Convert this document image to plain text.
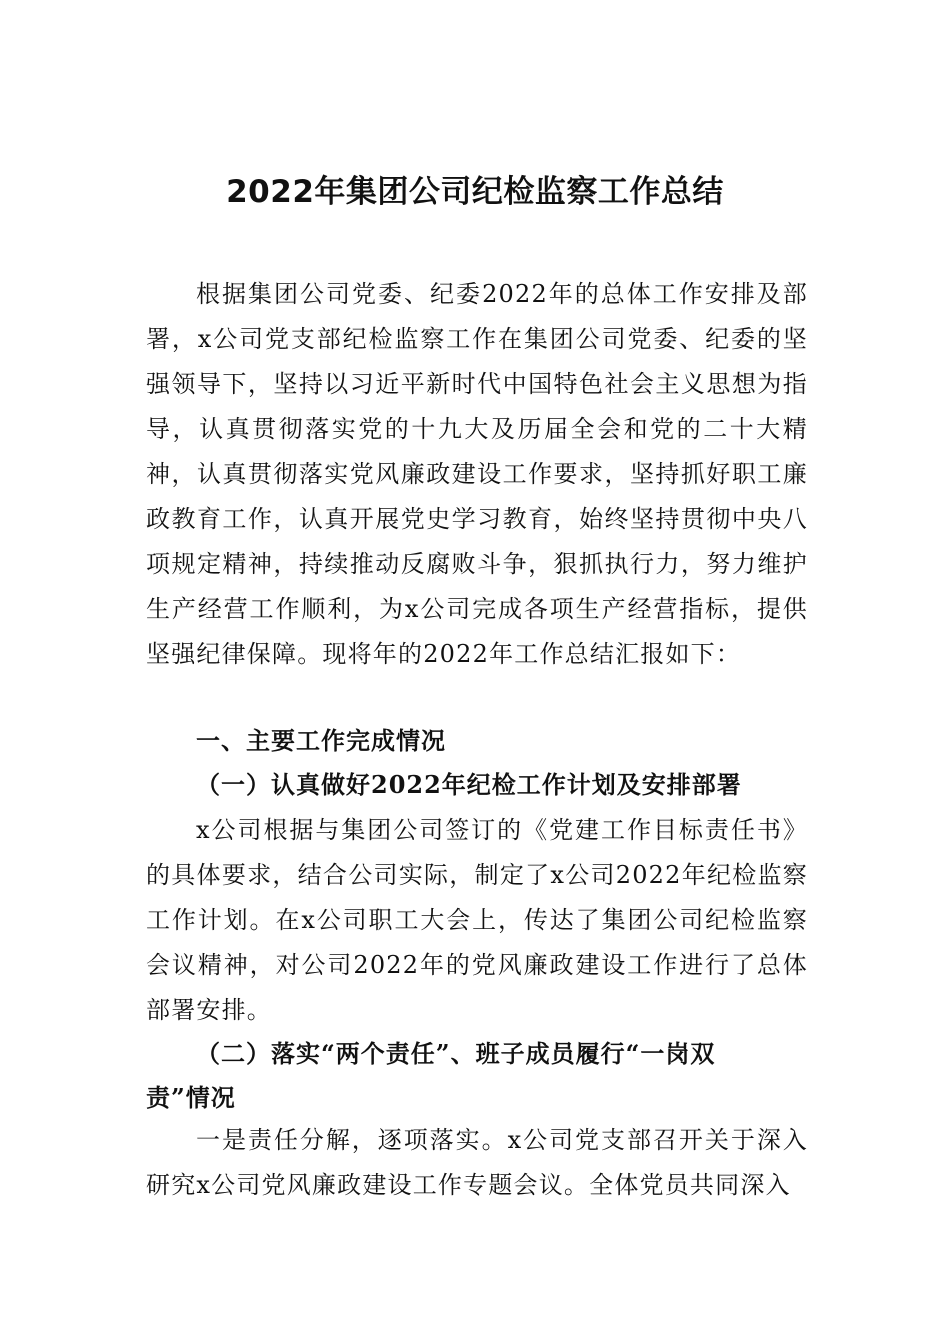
2022年集团公司纪检监察工作总结

根据集团公司党委、纪委2022年的总体工作安排及部署，x公司党支部纪检监察工作在集团公司党委、纪委的坚强领导下，坚持以习近平新时代中国特色社会主义思想为指导，认真贯彻落实党的十九大及历届全会和党的二十大精神，认真贯彻落实党风廉政建设工作要求，坚持抓好职工廉政教育工作，认真开展党史学习教育，始终坚持贯彻中央八项规定精神，持续推动反腐败斗争，狠抓执行力，努力维护生产经营工作顺利，为x公司完成各项生产经营指标，提供坚强纪律保障。现将年的2022年工作总结汇报如下：

一、主要工作完成情况
（一）认真做好2022年纪检工作计划及安排部署

x公司根据与集团公司签订的《党建工作目标责任书》的具体要求，结合公司实际，制定了x公司2022年纪检监察工作计划。在x公司职工大会上，传达了集团公司纪检监察会议精神，对公司2022年的党风廉政建设工作进行了总体部署安排。

（二）落实“两个责任”、班子成员履行“一岗双
责”情况

一是责任分解，逐项落实。x公司党支部召开关于深入研究x公司党风廉政建设工作专题会议。全体党员共同深入
